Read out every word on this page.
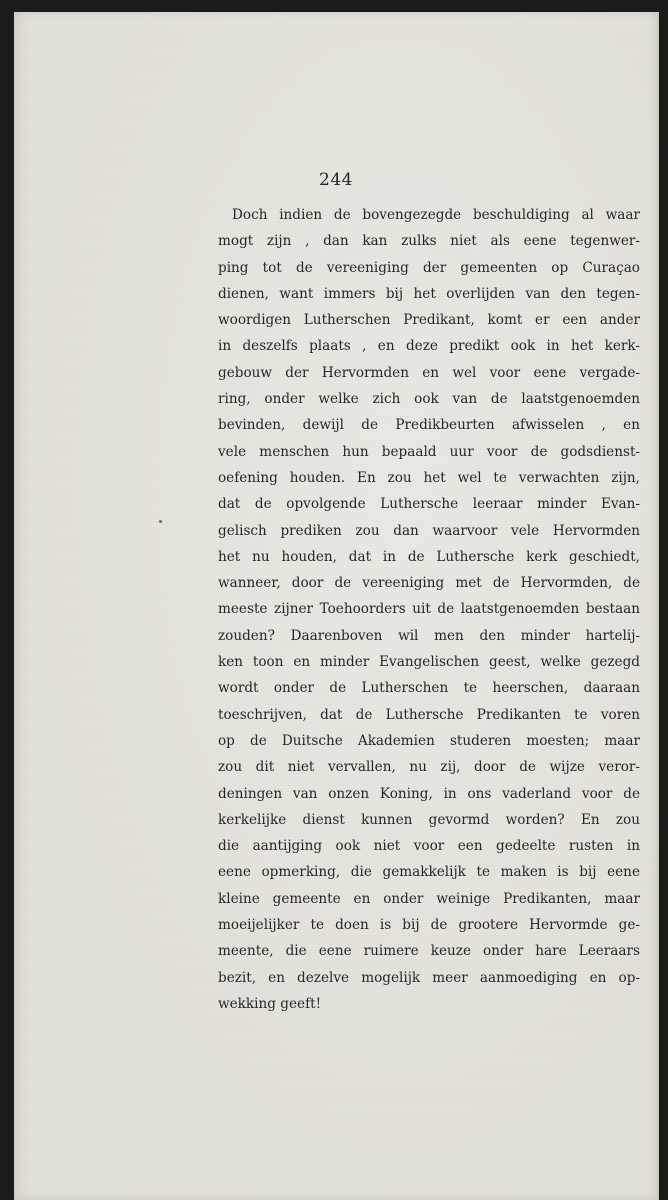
244
Doch indien de bovengezegde beschuldiging al waar
mogt zijn , dan kan zulks niet als eene tegenwer-
ping tot de vereeniging der gemeenten op Curaçao
dienen, want immers bij het overlijden van den tegen-
woordigen Lutherschen Predikant, komt er een ander
in deszelfs plaats , en deze predikt ook in het kerk-
gebouw der Hervormden en wel voor eene vergade-
ring, onder welke zich ook van de laatstgenoemden
bevinden, dewijl de Predikbeurten afwisselen , en
vele menschen hun bepaald uur voor de godsdienst-
oefening houden. En zou het wel te verwachten zijn,
dat de opvolgende Luthersche leeraar minder Evan-
gelisch prediken zou dan waarvoor vele Hervormden
het nu houden, dat in de Luthersche kerk geschiedt,
wanneer, door de vereeniging met de Hervormden, de
meeste zijner Toehoorders uit de laatstgenoemden bestaan
zouden? Daarenboven wil men den minder hartelij-
ken toon en minder Evangelischen geest, welke gezegd
wordt onder de Lutherschen te heerschen, daaraan
toeschrijven, dat de Luthersche Predikanten te voren
op de Duitsche Akademien studeren moesten; maar
zou dit niet vervallen, nu zij, door de wijze veror-
deningen van onzen Koning, in ons vaderland voor de
kerkelijke dienst kunnen gevormd worden? En zou
die aantijging ook niet voor een gedeelte rusten in
eene opmerking, die gemakkelijk te maken is bij eene
kleine gemeente en onder weinige Predikanten, maar
moeijelijker te doen is bij de grootere Hervormde ge-
meente, die eene ruimere keuze onder hare Leeraars
bezit, en dezelve mogelijk meer aanmoediging en op-
wekking geeft!
